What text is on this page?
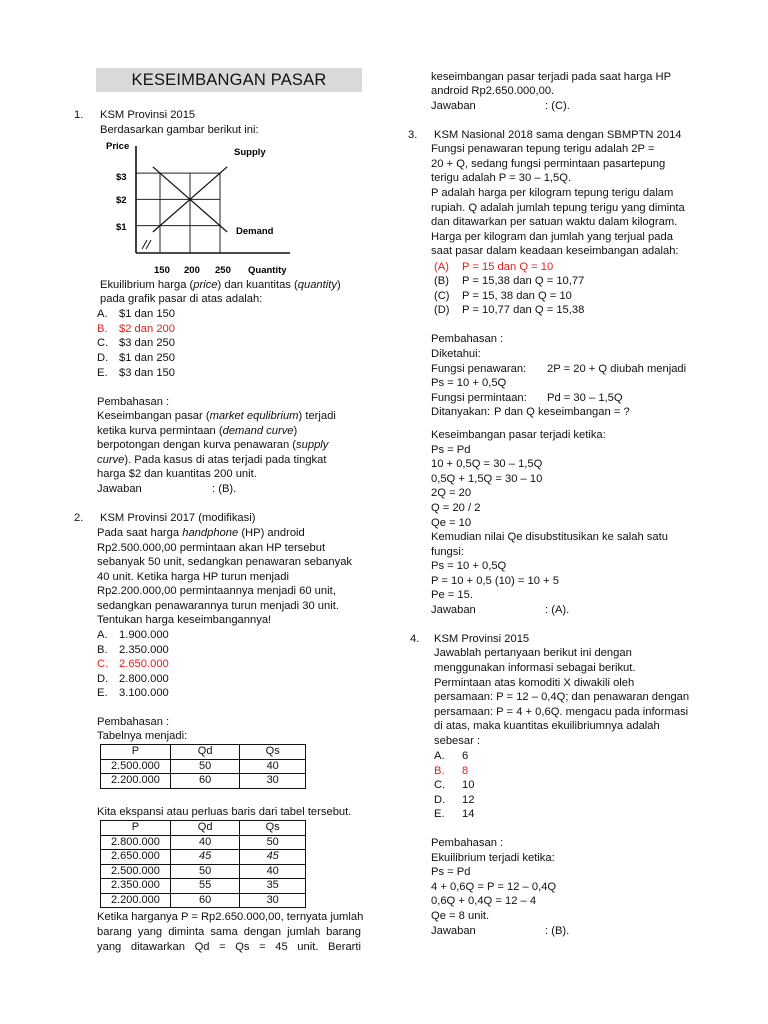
KESEIMBANGAN PASAR
1. KSM Provinsi 2015
Berdasarkan gambar berikut ini:
Price
Supply
Demand
$3
$2
$1
150 200 250 Quantity
Ekuilibrium harga (price) dan kuantitas (quantity)
pada grafik pasar di atas adalah:
A. $1 dan 150
B. $2 dan 200
C. $3 dan 250
D. $1 dan 250
E. $3 dan 150
Pembahasan :
Keseimbangan pasar (market equlibrium) terjadi
ketika kurva permintaan (demand curve)
berpotongan dengan kurva penawaran (supply
curve). Pada kasus di atas terjadi pada tingkat
harga $2 dan kuantitas 200 unit.
Jawaban	: (B).
2. KSM Provinsi 2017 (modifikasi)
Pada saat harga handphone (HP) android
Rp2.500.000,00 permintaan akan HP tersebut
sebanyak 50 unit, sedangkan penawaran sebanyak
40 unit. Ketika harga HP turun menjadi
Rp2.200.000,00 permintaannya menjadi 60 unit,
sedangkan penawarannya turun menjadi 30 unit.
Tentukan harga keseimbangannya!
A. 1.900.000
B. 2.350.000
C. 2.650.000
D. 2.800.000
E. 3.100.000
Pembahasan :
Tabelnya menjadi:
P	Qd	Qs
2.500.000	50	40
2.200.000	60	30
Kita ekspansi atau perluas baris dari tabel tersebut.
P	Qd	Qs
2.800.000	40	50
2.650.000	45	45
2.500.000	50	40
2.350.000	55	35
2.200.000	60	30
Ketika harganya P = Rp2.650.000,00, ternyata jumlah
barang yang diminta sama dengan jumlah barang
yang ditawarkan Qd = Qs = 45 unit. Berarti
keseimbangan pasar terjadi pada saat harga HP
android Rp2.650.000,00.
Jawaban	: (C).
3. KSM Nasional 2018 sama dengan SBMPTN 2014
Fungsi penawaran tepung terigu adalah 2P =
20 + Q, sedang fungsi permintaan pasartepung
terigu adalah P = 30 – 1,5Q.
P adalah harga per kilogram tepung terigu dalam
rupiah. Q adalah jumlah tepung terigu yang diminta
dan ditawarkan per satuan waktu dalam kilogram.
Harga per kilogram dan jumlah yang terjual pada
saat pasar dalam keadaan keseimbangan adalah:
(A) P = 15 dan Q = 10
(B) P = 15,38 dan Q = 10,77
(C) P = 15, 38 dan Q = 10
(D) P = 10,77 dan Q = 15,38
Pembahasan :
Diketahui:
Fungsi penawaran: 2P = 20 + Q diubah menjadi
Ps = 10 + 0,5Q
Fungsi permintaan: Pd = 30 – 1,5Q
Ditanyakan: P dan Q keseimbangan = ?
Keseimbangan pasar terjadi ketika:
Ps = Pd
10 + 0,5Q = 30 – 1,5Q
0,5Q + 1,5Q = 30 – 10
2Q = 20
Q = 20 / 2
Qe = 10
Kemudian nilai Qe disubstitusikan ke salah satu
fungsi:
Ps = 10 + 0,5Q
P = 10 + 0,5 (10) = 10 + 5
Pe = 15.
Jawaban	: (A).
4. KSM Provinsi 2015
Jawablah pertanyaan berikut ini dengan
menggunakan informasi sebagai berikut.
Permintaan atas komoditi X diwakili oleh
persamaan: P = 12 – 0,4Q; dan penawaran dengan
persamaan: P = 4 + 0,6Q. mengacu pada informasi
di atas, maka kuantitas ekuilibriumnya adalah
sebesar :
A. 6
B. 8
C. 10
D. 12
E. 14
Pembahasan :
Ekuilibrium terjadi ketika:
Ps = Pd
4 + 0,6Q = P = 12 – 0,4Q
0,6Q + 0,4Q = 12 – 4
Qe = 8 unit.
Jawaban	: (B).
